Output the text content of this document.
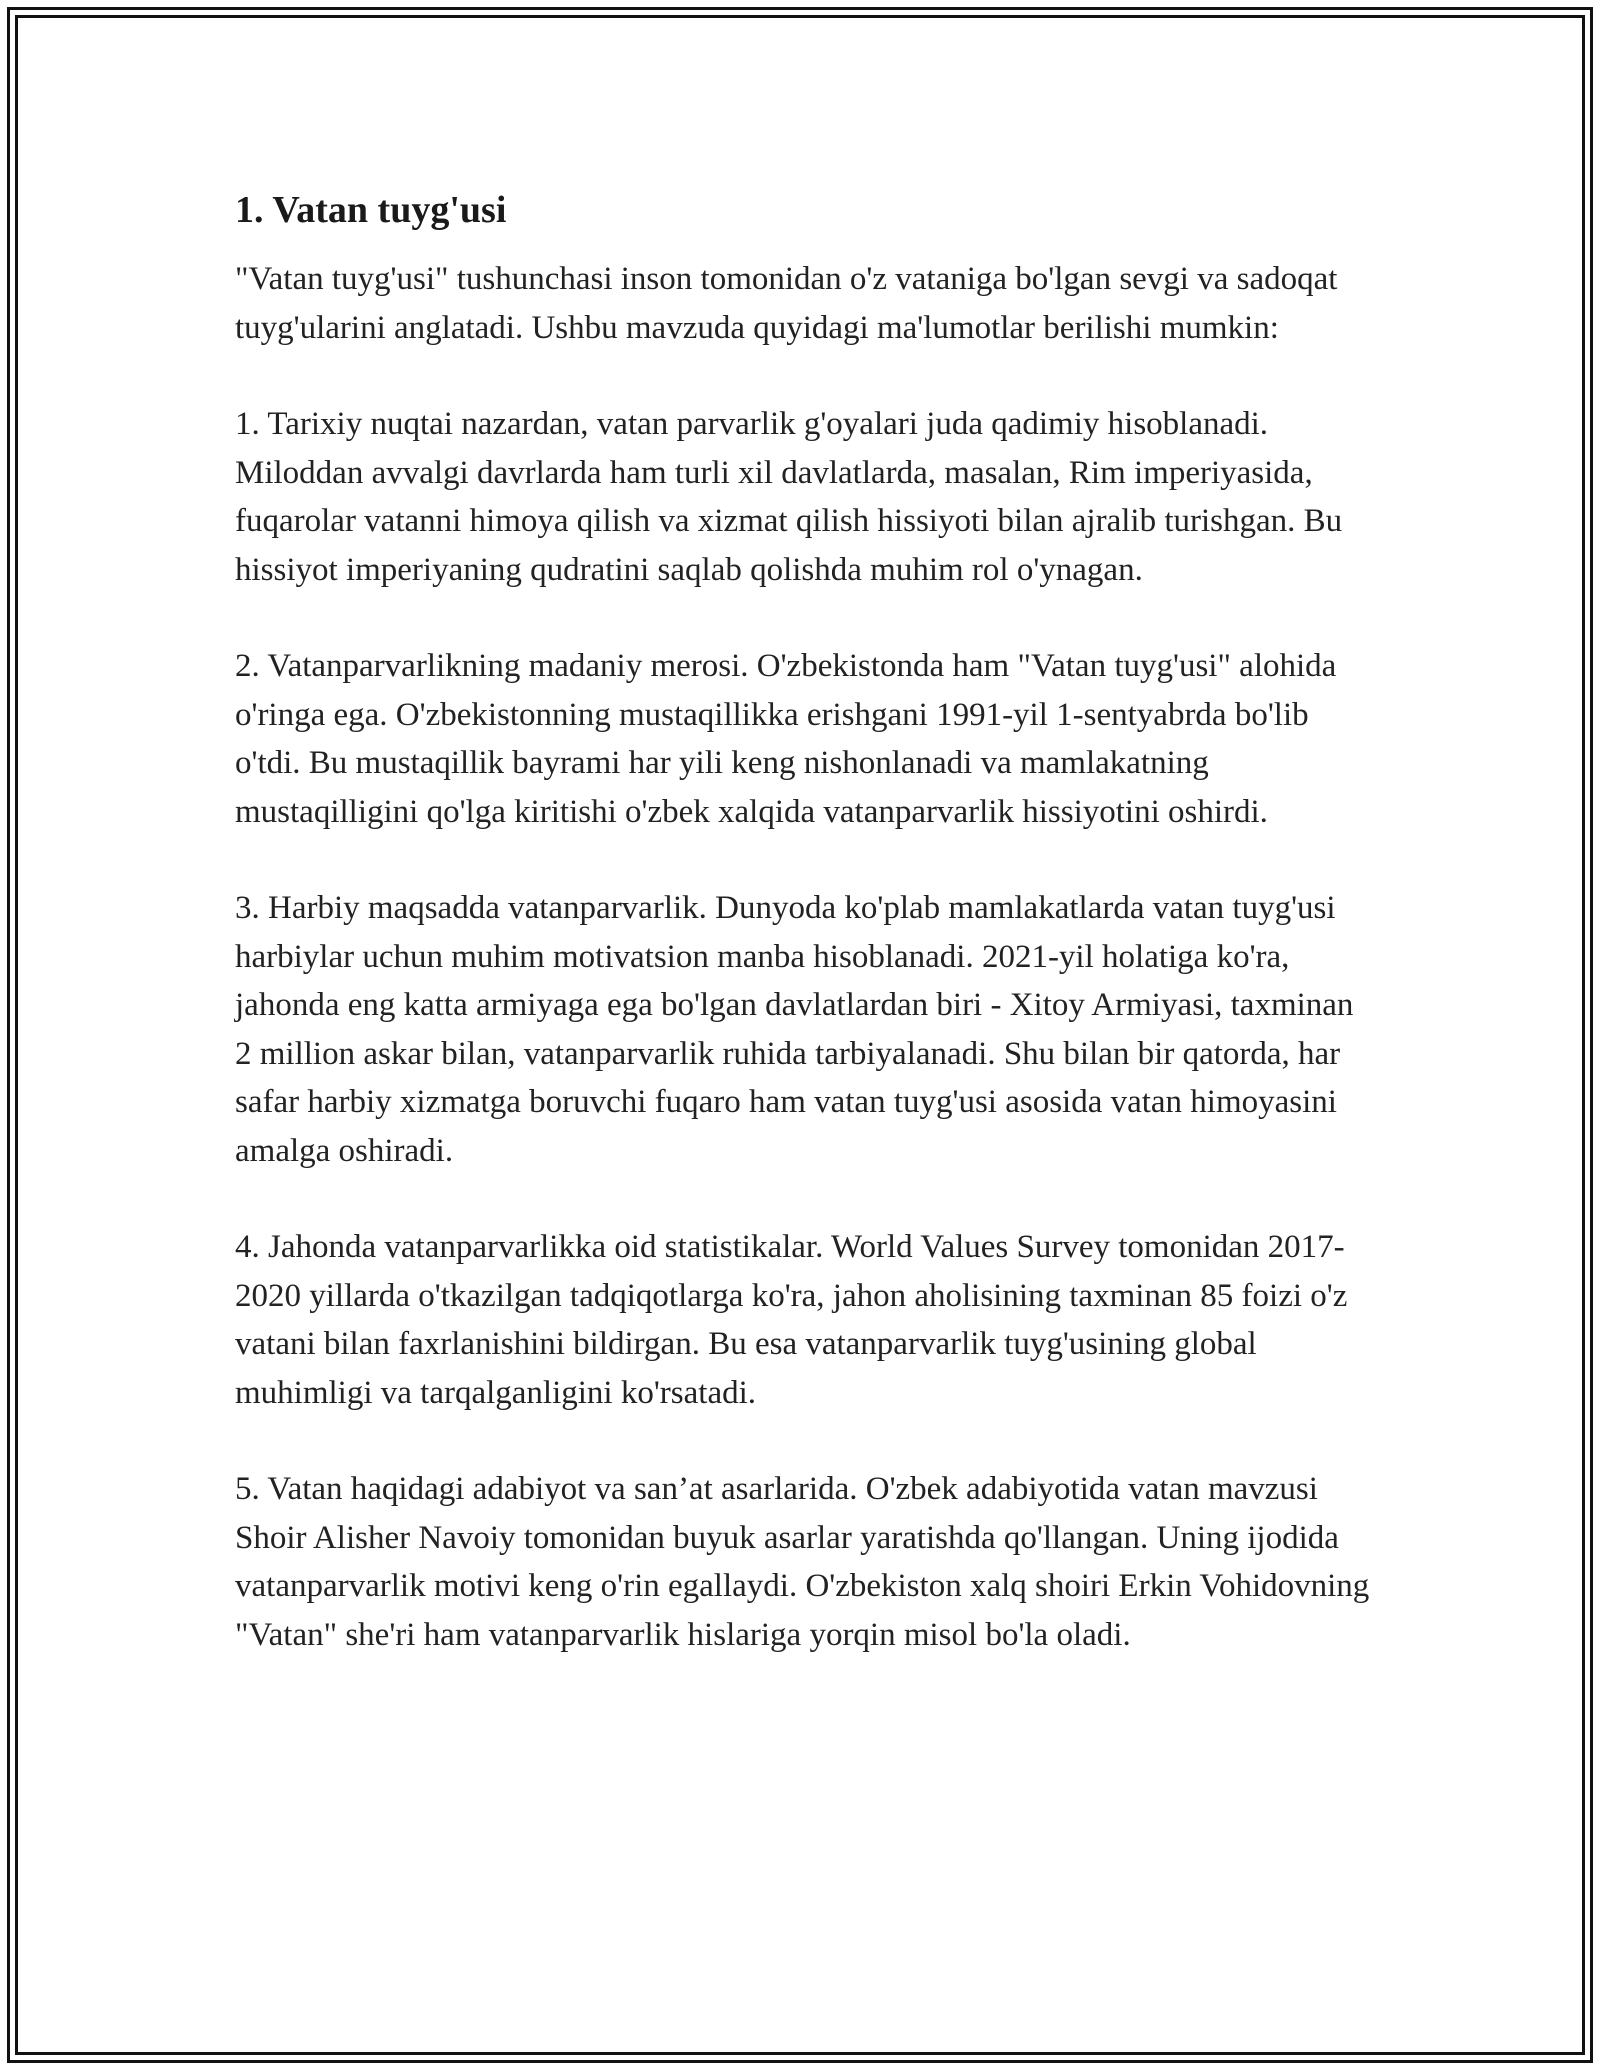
1. Vatan tuyg'usi

"Vatan tuyg'usi" tushunchasi inson tomonidan o'z vataniga bo'lgan sevgi va sadoqat tuyg'ularini anglatadi. Ushbu mavzuda quyidagi ma'lumotlar berilishi mumkin:

1. Tarixiy nuqtai nazardan, vatan parvarlik g'oyalari juda qadimiy hisoblanadi. Miloddan avvalgi davrlarda ham turli xil davlatlarda, masalan, Rim imperiyasida, fuqarolar vatanni himoya qilish va xizmat qilish hissiyoti bilan ajralib turishgan. Bu hissiyot imperiyaning qudratini saqlab qolishda muhim rol o'ynagan.

2. Vatanparvarlikning madaniy merosi. O'zbekistonda ham "Vatan tuyg'usi" alohida o'ringa ega. O'zbekistonning mustaqillikka erishgani 1991-yil 1-sentyabrda bo'lib o'tdi. Bu mustaqillik bayrami har yili keng nishonlanadi va mamlakatning mustaqilligini qo'lga kiritishi o'zbek xalqida vatanparvarlik hissiyotini oshirdi.

3. Harbiy maqsadda vatanparvarlik. Dunyoda ko'plab mamlakatlarda vatan tuyg'usi harbiylar uchun muhim motivatsion manba hisoblanadi. 2021-yil holatiga ko'ra, jahonda eng katta armiyaga ega bo'lgan davlatlardan biri - Xitoy Armiyasi, taxminan 2 million askar bilan, vatanparvarlik ruhida tarbiyalanadi. Shu bilan bir qatorda, har safar harbiy xizmatga boruvchi fuqaro ham vatan tuyg'usi asosida vatan himoyasini amalga oshiradi.

4. Jahonda vatanparvarlikka oid statistikalar. World Values Survey tomonidan 2017-2020 yillarda o'tkazilgan tadqiqotlarga ko'ra, jahon aholisining taxminan 85 foizi o'z vatani bilan faxrlanishini bildirgan. Bu esa vatanparvarlik tuyg'usining global muhimligi va tarqalganligini ko'rsatadi.

5. Vatan haqidagi adabiyot va san’at asarlarida. O'zbek adabiyotida vatan mavzusi Shoir Alisher Navoiy tomonidan buyuk asarlar yaratishda qo'llangan. Uning ijodida vatanparvarlik motivi keng o'rin egallaydi. O'zbekiston xalq shoiri Erkin Vohidovning "Vatan" she'ri ham vatanparvarlik hislariga yorqin misol bo'la oladi.
